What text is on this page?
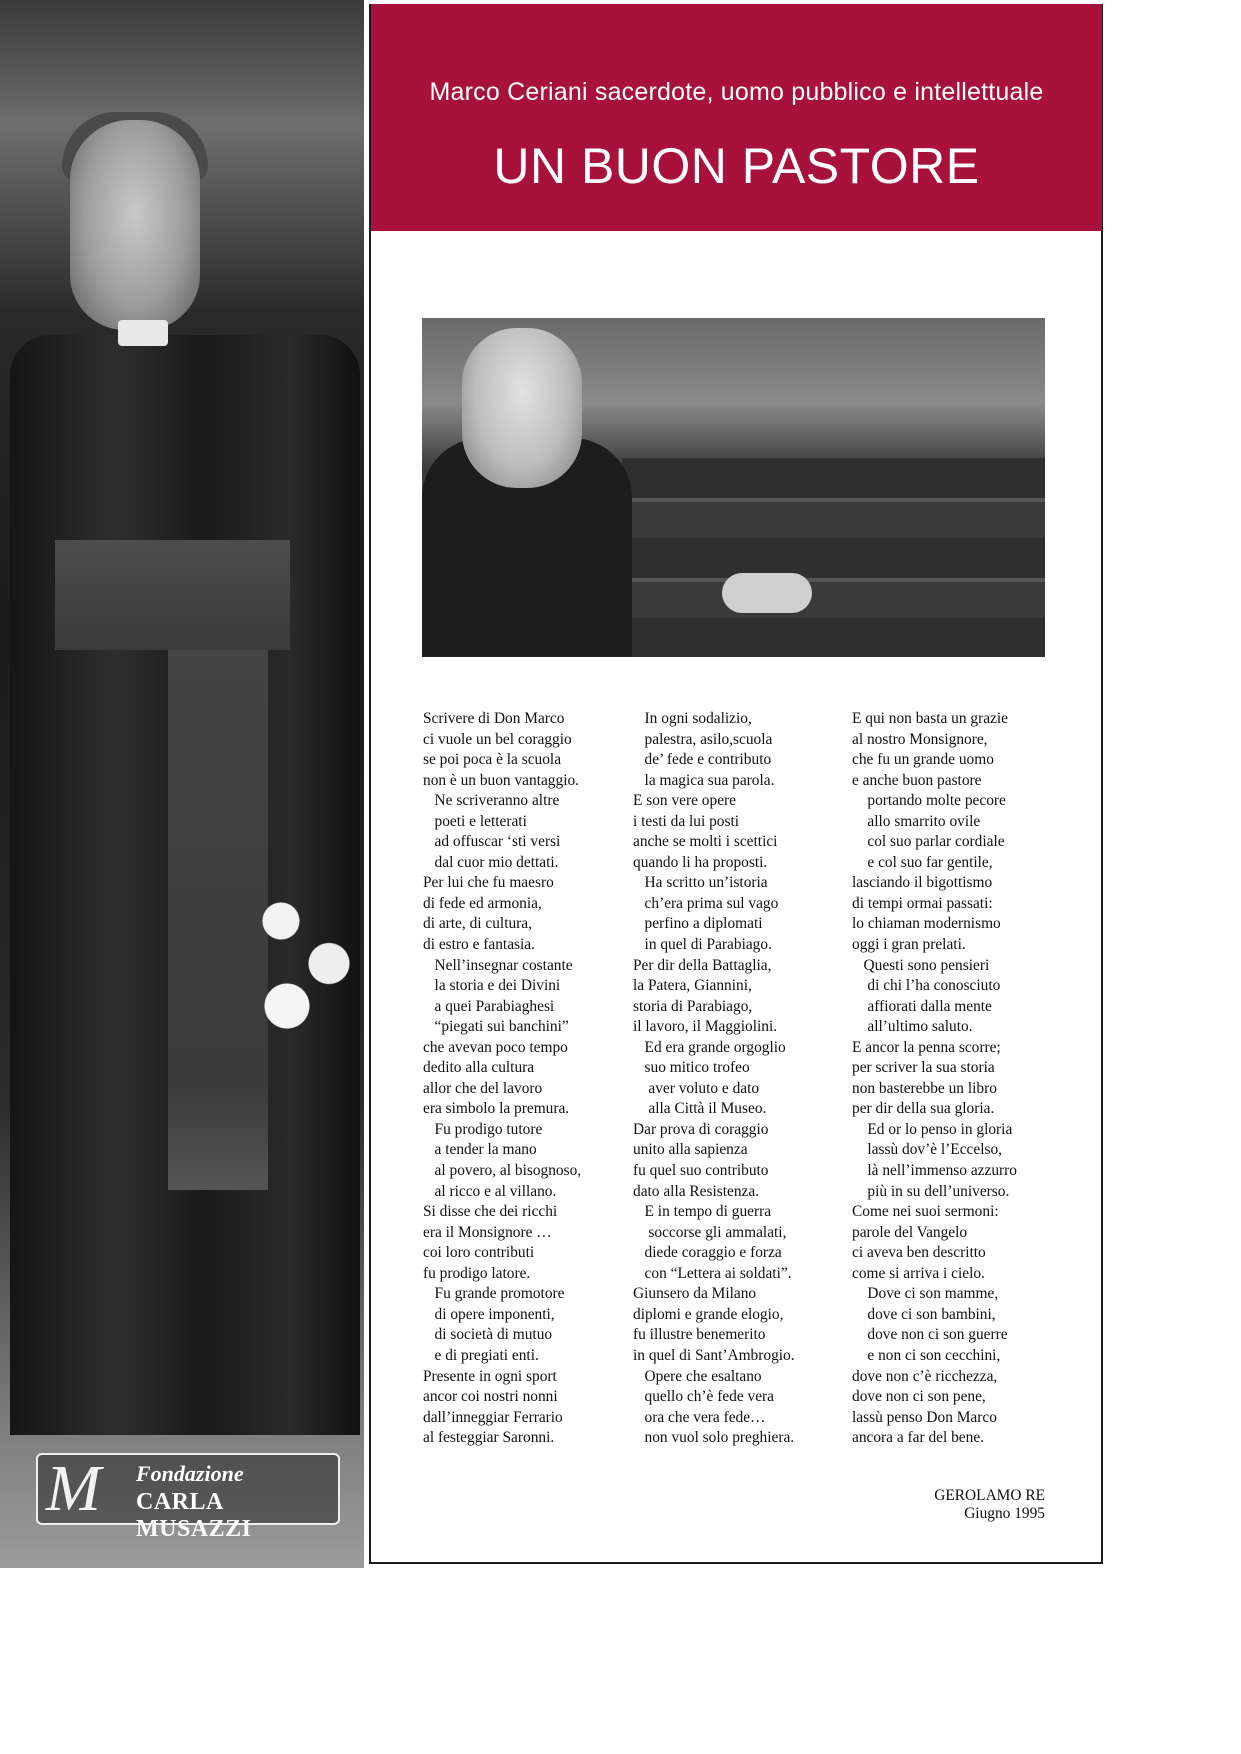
M Fondazione
CARLA MUSAZZI
Marco Ceriani sacerdote, uomo pubblico e intellettuale
UN BUON PASTORE
Scrivere di Don Marco
ci vuole un bel coraggio
se poi poca è la scuola
non è un buon vantaggio.
Ne scriveranno altre
poeti e letterati
ad offuscar ‘sti versi
dal cuor mio dettati.
Per lui che fu maesro
di fede ed armonia,
di arte, di cultura,
di estro e fantasia.
Nell’insegnar costante
la storia e dei Divini
a quei Parabiaghesi
“piegati sui banchini”
che avevan poco tempo
dedito alla cultura
allor che del lavoro
era simbolo la premura.
Fu prodigo tutore
a tender la mano
al povero, al bisognoso,
al ricco e al villano.
Si disse che dei ricchi
era il Monsignore …
coi loro contributi
fu prodigo latore.
Fu grande promotore
di opere imponenti,
di società di mutuo
e di pregiati enti.
Presente in ogni sport
ancor coi nostri nonni
dall’inneggiar Ferrario
al festeggiar Saronni.
In ogni sodalizio,
palestra, asilo,scuola
de’ fede e contributo
la magica sua parola.
E son vere opere
i testi da lui posti
anche se molti i scettici
quando li ha proposti.
Ha scritto un’istoria
ch’era prima sul vago
perfino a diplomati
in quel di Parabiago.
Per dir della Battaglia,
la Patera, Giannini,
storia di Parabiago,
il lavoro, il Maggiolini.
Ed era grande orgoglio
suo mitico trofeo
aver voluto e dato
alla Città il Museo.
Dar prova di coraggio
unito alla sapienza
fu quel suo contributo
dato alla Resistenza.
E in tempo di guerra
soccorse gli ammalati,
diede coraggio e forza
con “Lettera ai soldati”.
Giunsero da Milano
diplomi e grande elogio,
fu illustre benemerito
in quel di Sant’Ambrogio.
Opere che esaltano
quello ch’è fede vera
ora che vera fede…
non vuol solo preghiera.
E qui non basta un grazie
al nostro Monsignore,
che fu un grande uomo
e anche buon pastore
portando molte pecore
allo smarrito ovile
col suo parlar cordiale
e col suo far gentile,
lasciando il bigottismo
di tempi ormai passati:
lo chiaman modernismo
oggi i gran prelati.
Questi sono pensieri
di chi l’ha conosciuto
affiorati dalla mente
all’ultimo saluto.
E ancor la penna scorre;
per scriver la sua storia
non basterebbe un libro
per dir della sua gloria.
Ed or lo penso in gloria
lassù dov’è l’Eccelso,
là nell’immenso azzurro
più in su dell’universo.
Come nei suoi sermoni:
parole del Vangelo
ci aveva ben descritto
come si arriva i cielo.
Dove ci son mamme,
dove ci son bambini,
dove non ci son guerre
e non ci son cecchini,
dove non c’è ricchezza,
dove non ci son pene,
lassù penso Don Marco
ancora a far del bene.
GEROLAMO RE
Giugno 1995
